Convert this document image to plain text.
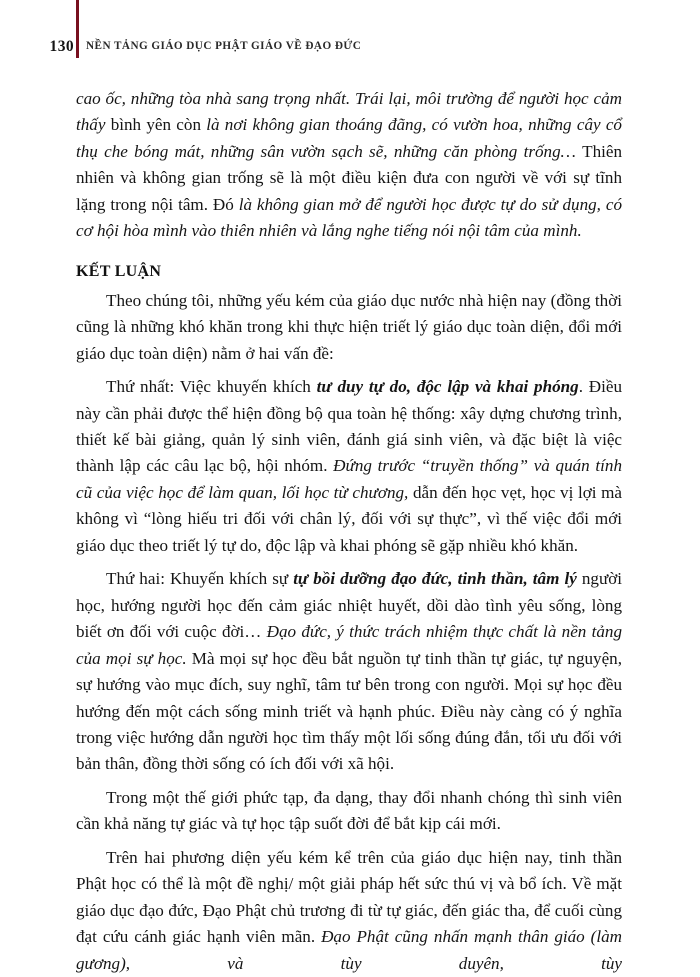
130 NỀN TẢNG GIÁO DỤC PHẬT GIÁO VỀ ĐẠO ĐỨC

cao ốc, những tòa nhà sang trọng nhất. Trái lại, môi trường để người học cảm thấy bình yên còn là nơi không gian thoáng đãng, có vườn hoa, những cây cổ thụ che bóng mát, những sân vườn sạch sẽ, những căn phòng trống… Thiên nhiên và không gian trống sẽ là một điều kiện đưa con người về với sự tĩnh lặng trong nội tâm. Đó là không gian mở để người học được tự do sử dụng, có cơ hội hòa mình vào thiên nhiên và lắng nghe tiếng nói nội tâm của mình.

KẾT LUẬN

Theo chúng tôi, những yếu kém của giáo dục nước nhà hiện nay (đồng thời cũng là những khó khăn trong khi thực hiện triết lý giáo dục toàn diện, đổi mới giáo dục toàn diện) nằm ở hai vấn đề:

Thứ nhất: Việc khuyến khích tư duy tự do, độc lập và khai phóng. Điều này cần phải được thể hiện đồng bộ qua toàn hệ thống: xây dựng chương trình, thiết kế bài giảng, quản lý sinh viên, đánh giá sinh viên, và đặc biệt là việc thành lập các câu lạc bộ, hội nhóm. Đứng trước “truyền thống” và quán tính cũ của việc học để làm quan, lối học từ chương, dẫn đến học vẹt, học vị lợi mà không vì “lòng hiếu tri đối với chân lý, đối với sự thực”, vì thế việc đổi mới giáo dục theo triết lý tự do, độc lập và khai phóng sẽ gặp nhiều khó khăn.

Thứ hai: Khuyến khích sự tự bồi dưỡng đạo đức, tinh thần, tâm lý người học, hướng người học đến cảm giác nhiệt huyết, dồi dào tình yêu sống, lòng biết ơn đối với cuộc đời… Đạo đức, ý thức trách nhiệm thực chất là nền tảng của mọi sự học. Mà mọi sự học đều bắt nguồn tự tinh thần tự giác, tự nguyện, sự hướng vào mục đích, suy nghĩ, tâm tư bên trong con người. Mọi sự học đều hướng đến một cách sống minh triết và hạnh phúc. Điều này càng có ý nghĩa trong việc hướng dẫn người học tìm thấy một lối sống đúng đắn, tối ưu đối với bản thân, đồng thời sống có ích đối với xã hội.

Trong một thế giới phức tạp, đa dạng, thay đổi nhanh chóng thì sinh viên cần khả năng tự giác và tự học tập suốt đời để bắt kịp cái mới.

Trên hai phương diện yếu kém kể trên của giáo dục hiện nay, tinh thần Phật học có thể là một đề nghị/ một giải pháp hết sức thú vị và bổ ích. Về mặt giáo dục đạo đức, Đạo Phật chủ trương đi từ tự giác, đến giác tha, để cuối cùng đạt cứu cánh giác hạnh viên mãn. Đạo Phật cũng nhấn mạnh thân giáo (làm gương), và tùy duyên, tùy
